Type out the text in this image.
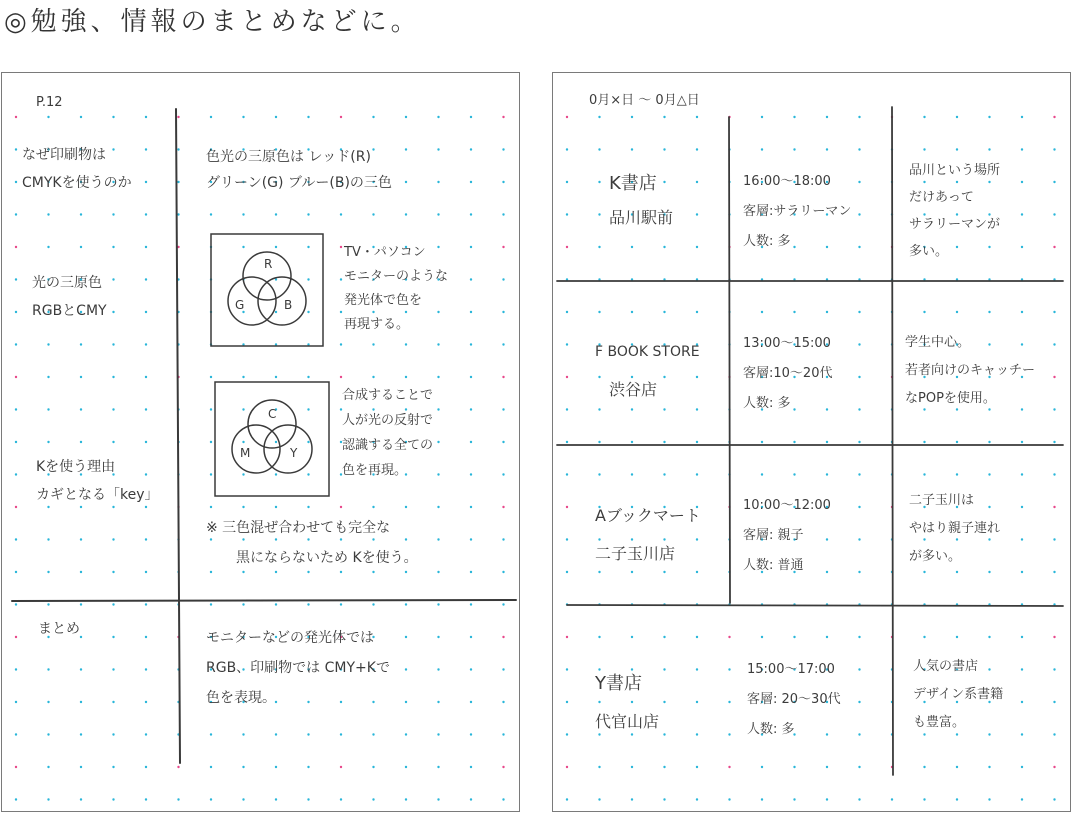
◎勉強、情報のまとめなどに。
P.12
なぜ印刷物は
CMYKを使うのか
光の三原色
RGBとCMY
Kを使う理由
カギとなる「key」
色光の三原色は レッド(R)
グリーン(G) ブルー(B)の三色
R
G	B
TV・パソコン
モニターのような
発光体で色を
再現する。
C
M	Y
合成することで
人が光の反射で
認識する全ての
色を再現。
※ 三色混ぜ合わせても完全な
黒にならないため Kを使う。
まとめ
モニターなどの発光体では
RGB、印刷物では CMY+Kで
色を表現。
0月×日 〜 0月△日
K書店
品川駅前
16:00〜18:00
客層:サラリーマン
人数: 多
品川という場所
だけあって
サラリーマンが
多い。
F BOOK STORE
渋谷店
13:00〜15:00
客層:10〜20代
人数: 多
学生中心。
若者向けのキャッチー
なPOPを使用。
Aブックマート
二子玉川店
10:00〜12:00
客層: 親子
人数: 普通
二子玉川は
やはり親子連れ
が多い。
Y書店
代官山店
15:00〜17:00
客層: 20〜30代
人数: 多
人気の書店
デザイン系書籍
も豊富。
